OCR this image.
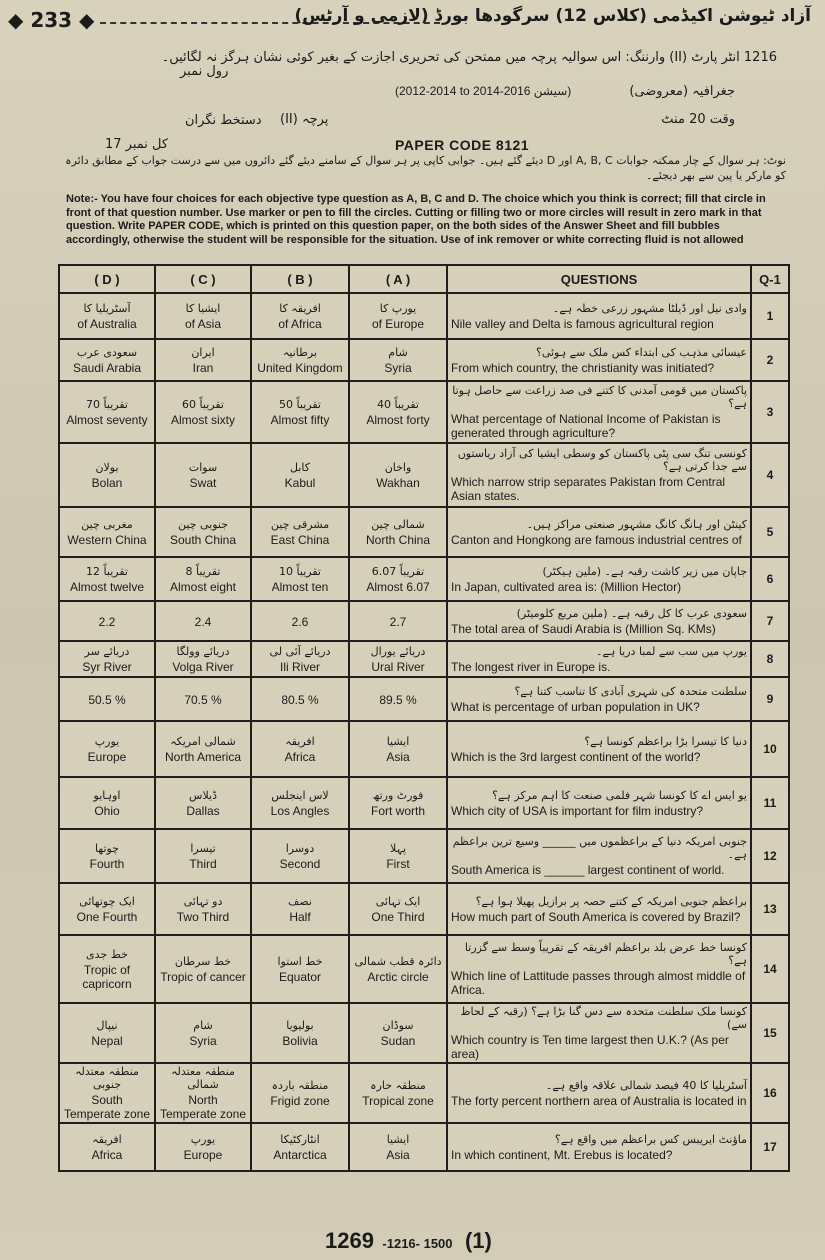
◆ 233 ◆	آزاد ٹیوشن اکیڈمی (کلاس 12) سرگودھا بورڈ (لازمی و آرٹس)
1216 انٹر پارٹ (II) وارننگ: اس سوالیہ پرچہ میں ممتحن کی تحریری اجازت کے بغیر کوئی نشان ہرگز نہ لگائیں۔
رول نمبر
دستخط نگران پرچہ (II)
(2012-2014 to 2014-2016 سیشن)	جغرافیہ (معروضی)
وقت 20 منٹ
کل نمبر 17	PAPER CODE 8121
نوٹ: ہر سوال کے چار ممکنہ جوابات A, B, C اور D دیئے گئے ہیں۔ جوابی کاپی پر ہر سوال کے سامنے دیئے گئے دائروں میں سے درست جواب کے مطابق دائرہ کو مارکر یا پین سے بھر دیجئے۔
Note:- You have four choices for each objective type question as A, B, C and D. The choice which you think is correct; fill that circle in front of that question number. Use marker or pen to fill the circles. Cutting or filling two or more circles will result in zero mark in that question. Write PAPER CODE, which is printed on this question paper, on the both sides of the Answer Sheet and fill bubbles accordingly, otherwise the student will be responsible for the situation. Use of ink remover or white correcting fluid is not allowed
( D )	( C )	( B )	( A )	QUESTIONS	Q-1

آسٹریلیا کا
of Australia	ایشیا کا
of Asia	افریقہ کا
of Africa	یورپ کا
of Europe	وادی نیل اور ڈیلٹا مشہور زرعی خطہ ہے۔
Nile valley and Delta is famous agricultural region	1

سعودی عرب
Saudi Arabia	ایران
Iran	برطانیہ
United Kingdom	شام
Syria	عیسائی مذہب کی ابتداء کس ملک سے ہوئی؟
From which country, the christianity was initiated?	2

تقریباً 70
Almost seventy	تقریباً 60
Almost sixty	تقریباً 50
Almost fifty	تقریباً 40
Almost forty	پاکستان میں قومی آمدنی کا کتنے فی صد زراعت سے حاصل ہوتا ہے؟
What percentage of National Income of Pakistan is generated through agriculture?	3

بولان
Bolan	سوات
Swat	کابل
Kabul	واخان
Wakhan	کونسی تنگ سی پٹی پاکستان کو وسطی ایشیا کی آزاد ریاستوں سے جدا کرتی ہے؟
Which narrow strip separates Pakistan from Central Asian states.	4

مغربی چین
Western China	جنوبی چین
South China	مشرقی چین
East China	شمالی چین
North China	کینٹن اور ہانگ کانگ مشہور صنعتی مراکز ہیں۔
Canton and Hongkong are famous industrial centres of	5

تقریباً 12
Almost twelve	تقریباً 8
Almost eight	تقریباً 10
Almost ten	تقریباً 6.07
Almost 6.07	جاپان میں زیر کاشت رقبہ ہے۔ (ملین ہیکٹر)
In Japan, cultivated area is: (Million Hector)	6

2.2	2.4	2.6	2.7	سعودی عرب کا کل رقبہ ہے۔ (ملین مربع کلومیٹر)
The total area of Saudi Arabia is (Million Sq. KMs)	7

دریائے سر
Syr River	دریائے وولگا
Volga River	دریائے آئی لی
Ili River	دریائے یورال
Ural River	یورپ میں سب سے لمبا دریا ہے۔
The longest river in Europe is.	8

50.5 %	70.5 %	80.5 %	89.5 %	سلطنت متحدہ کی شہری آبادی کا تناسب کتنا ہے؟
What is percentage of urban population in UK?	9

یورپ
Europe	شمالی امریکہ
North America	افریقہ
Africa	ایشیا
Asia	دنیا کا تیسرا بڑا براعظم کونسا ہے؟
Which is the 3rd largest continent of the world?	10

اوہایو
Ohio	ڈیلاس
Dallas	لاس اینجلس
Los Angles	فورٹ ورتھ
Fort worth	یو ایس اے کا کونسا شہر فلمی صنعت کا اہم مرکز ہے؟
Which city of USA is important for film industry?	11

چوتھا
Fourth	تیسرا
Third	دوسرا
Second	پہلا
First	جنوبی امریکہ دنیا کے براعظموں میں ______ وسیع ترین براعظم ہے۔
South America is ______ largest continent of world.	12

ایک چوتھائی
One Fourth	دو تہائی
Two Third	نصف
Half	ایک تہائی
One Third	براعظم جنوبی امریکہ کے کتنے حصہ پر برازیل پھیلا ہوا ہے؟
How much part of South America is covered by Brazil?	13

خط جدی
Tropic of capricorn	خط سرطان
Tropic of cancer	خط استوا
Equator	دائرہ قطب شمالی
Arctic circle	کونسا خط عرض بلد براعظم افریقہ کے تقریباً وسط سے گزرتا ہے؟
Which line of Lattitude passes through almost middle of Africa.	14

نیپال
Nepal	شام
Syria	بولیویا
Bolivia	سوڈان
Sudan	کونسا ملک سلطنت متحدہ سے دس گنا بڑا ہے؟ (رقبہ کے لحاظ سے)
Which country is Ten time largest then U.K.? (As per area)	15

منطقہ معتدلہ جنوبی
South Temperate zone	منطقہ معتدلہ شمالی
North Temperate zone	منطقہ باردہ
Frigid zone	منطقہ حارہ
Tropical zone	آسٹریلیا کا 40 فیصد شمالی علاقہ واقع ہے۔
The forty percent northern area of Australia is located in	16

افریقہ
Africa	یورپ
Europe	انٹارکٹیکا
Antarctica	ایشیا
Asia	ماؤنٹ ایریبس کس براعظم میں واقع ہے؟
In which continent, Mt. Erebus is located?	17
1269 -1216- 1500 (1)
